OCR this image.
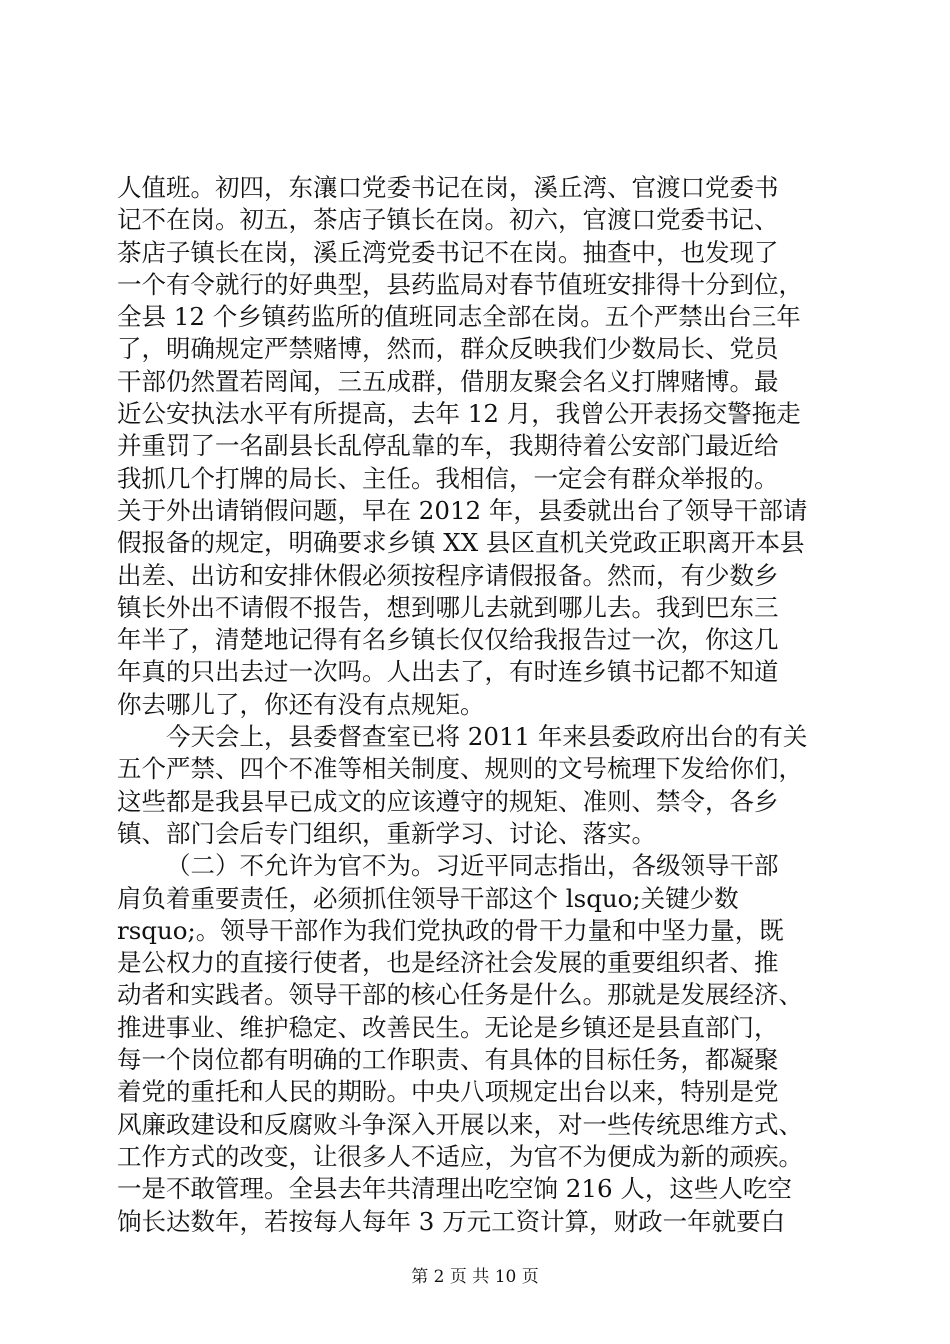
人值班。初四，东瀼口党委书记在岗，溪丘湾、官渡口党委书
记不在岗。初五，茶店子镇长在岗。初六，官渡口党委书记、
茶店子镇长在岗，溪丘湾党委书记不在岗。抽查中，也发现了
一个有令就行的好典型，县药监局对春节值班安排得十分到位，
全县 12 个乡镇药监所的值班同志全部在岗。五个严禁出台三年
了，明确规定严禁赌博，然而，群众反映我们少数局长、党员
干部仍然置若罔闻，三五成群，借朋友聚会名义打牌赌博。最
近公安执法水平有所提高，去年 12 月，我曾公开表扬交警拖走
并重罚了一名副县长乱停乱靠的车，我期待着公安部门最近给
我抓几个打牌的局长、主任。我相信，一定会有群众举报的。
关于外出请销假问题，早在 2012 年，县委就出台了领导干部请
假报备的规定，明确要求乡镇 XX 县区直机关党政正职离开本县
出差、出访和安排休假必须按程序请假报备。然而，有少数乡
镇长外出不请假不报告，想到哪儿去就到哪儿去。我到巴东三
年半了，清楚地记得有名乡镇长仅仅给我报告过一次，你这几
年真的只出去过一次吗。人出去了，有时连乡镇书记都不知道
你去哪儿了，你还有没有点规矩。
今天会上，县委督查室已将 2011 年来县委政府出台的有关
五个严禁、四个不准等相关制度、规则的文号梳理下发给你们，
这些都是我县早已成文的应该遵守的规矩、准则、禁令，各乡
镇、部门会后专门组织，重新学习、讨论、落实。
（二）不允许为官不为。习近平同志指出，各级领导干部
肩负着重要责任，必须抓住领导干部这个 lsquo;关键少数
rsquo;。领导干部作为我们党执政的骨干力量和中坚力量，既
是公权力的直接行使者，也是经济社会发展的重要组织者、推
动者和实践者。领导干部的核心任务是什么。那就是发展经济、
推进事业、维护稳定、改善民生。无论是乡镇还是县直部门，
每一个岗位都有明确的工作职责、有具体的目标任务，都凝聚
着党的重托和人民的期盼。中央八项规定出台以来，特别是党
风廉政建设和反腐败斗争深入开展以来，对一些传统思维方式、
工作方式的改变，让很多人不适应，为官不为便成为新的顽疾。
一是不敢管理。全县去年共清理出吃空饷 216 人，这些人吃空
饷长达数年，若按每人每年 3 万元工资计算，财政一年就要白
第 2 页 共 10 页
